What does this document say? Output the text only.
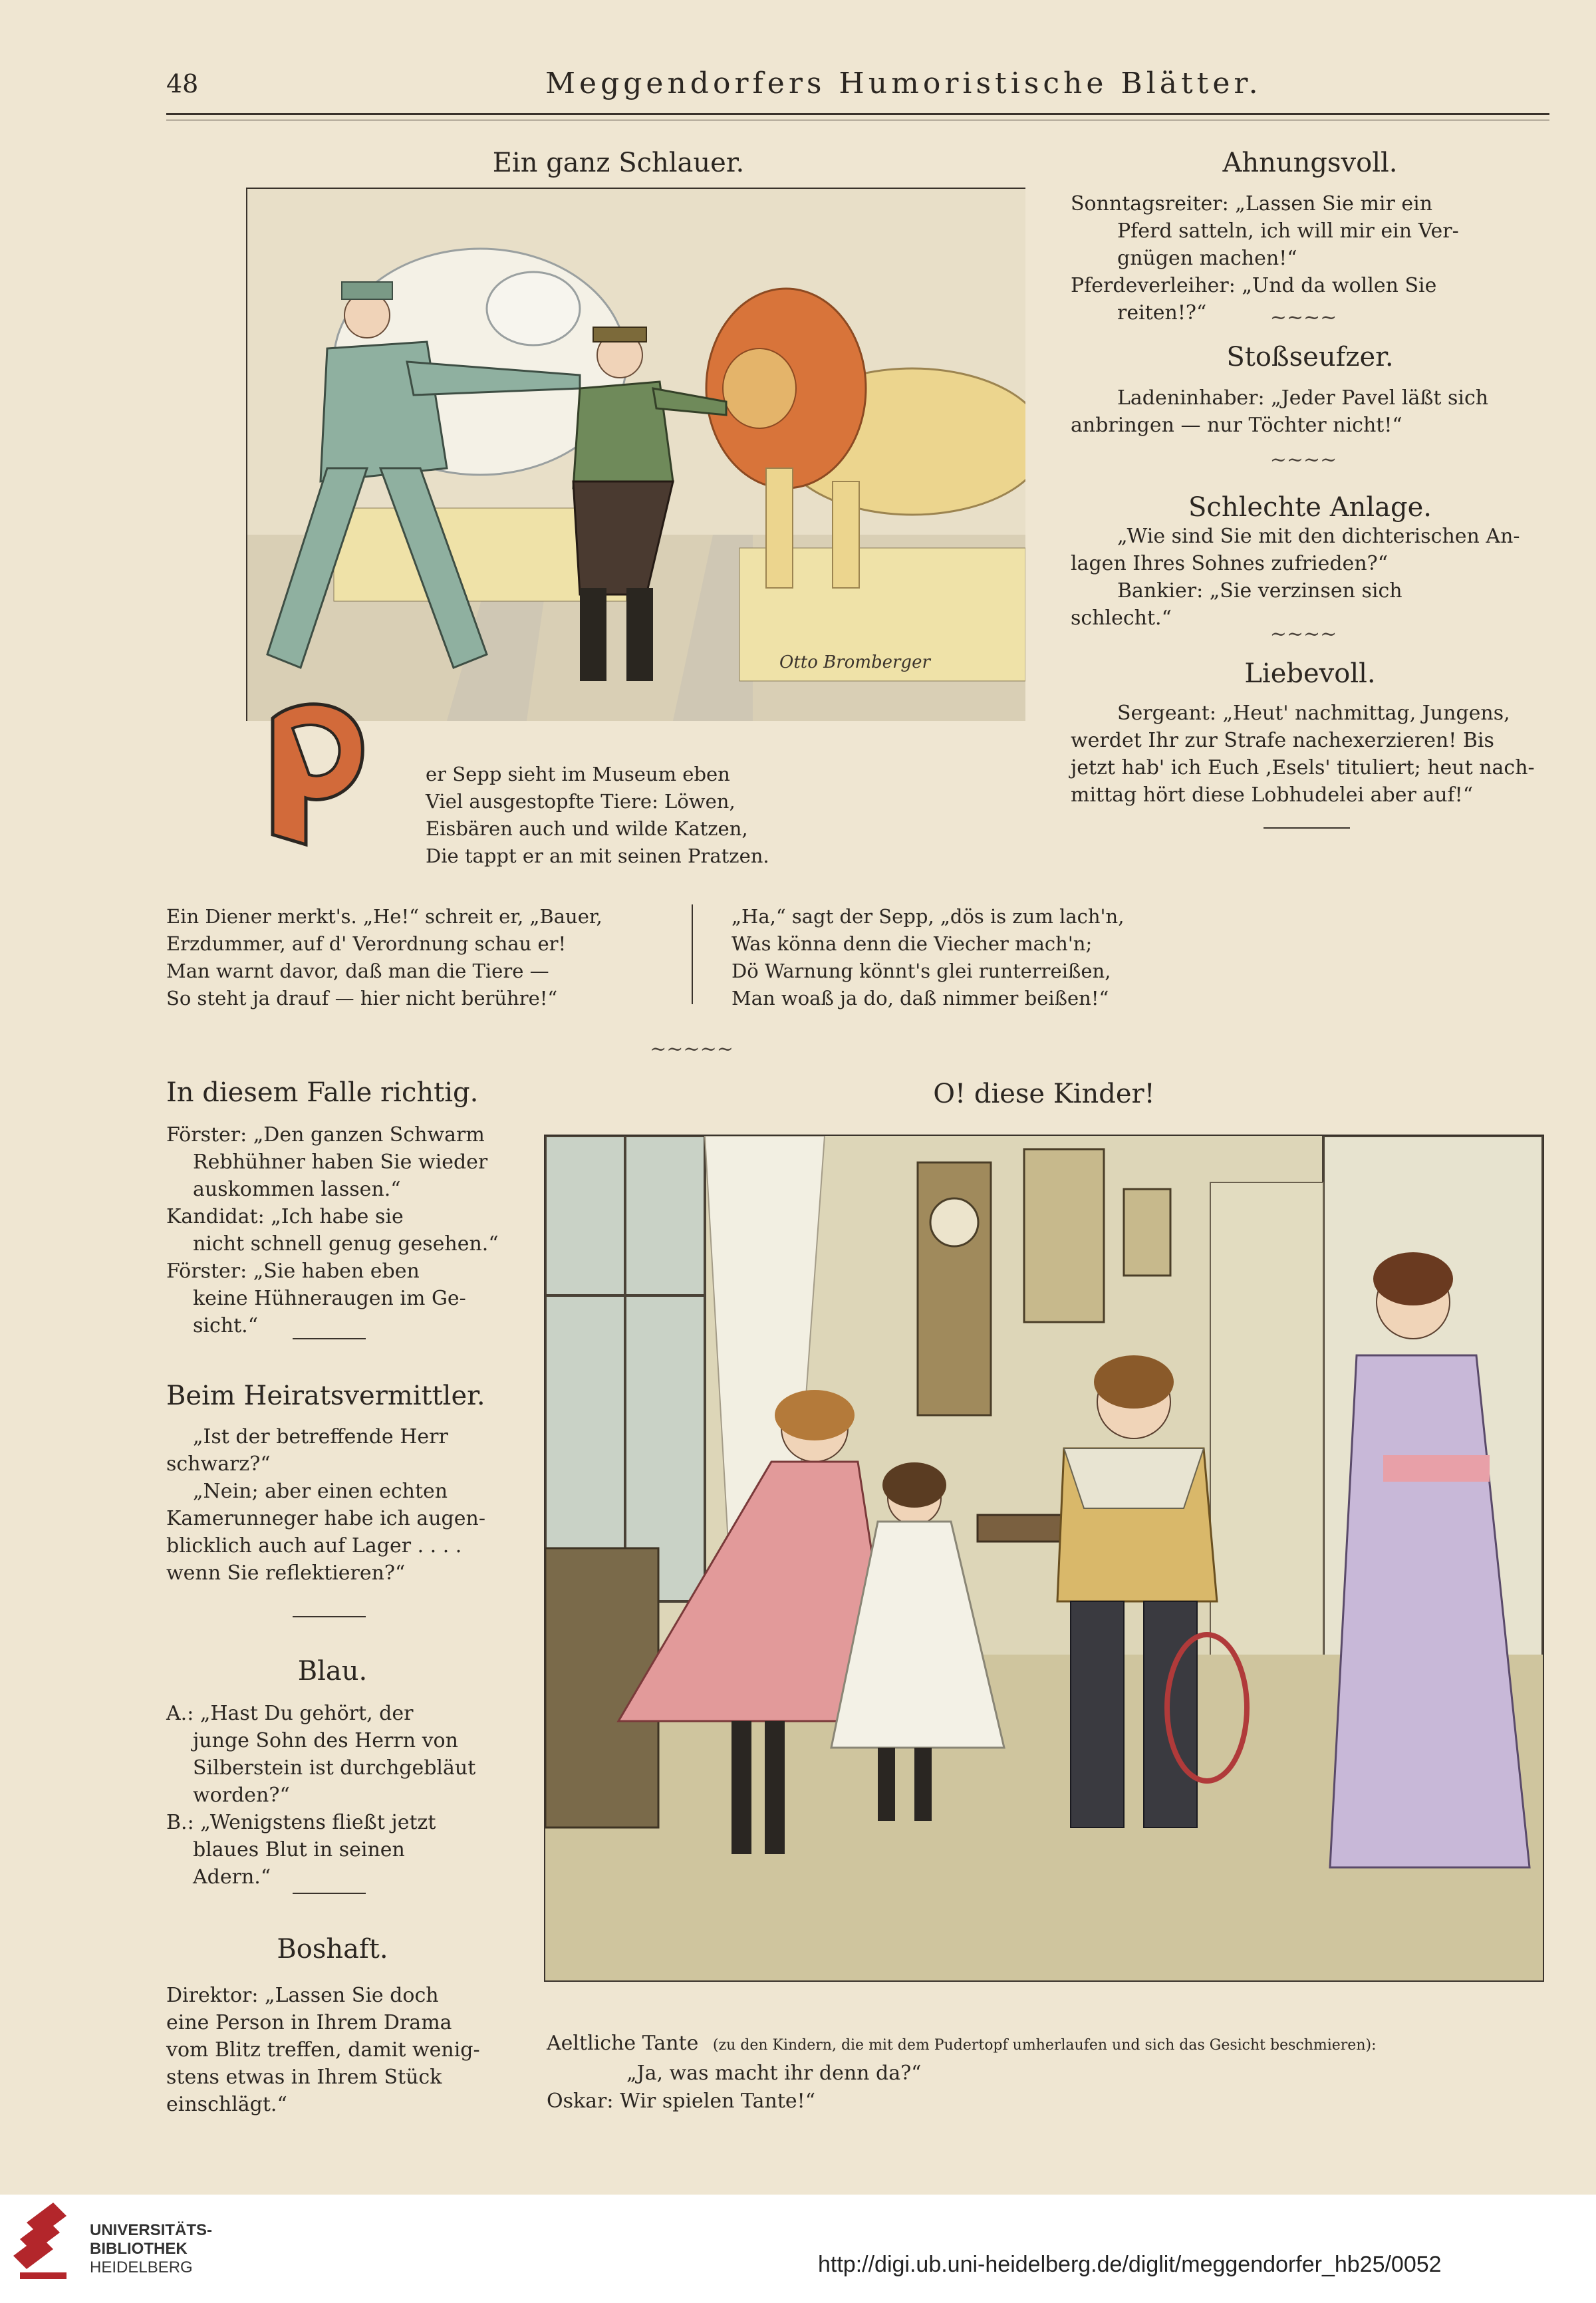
48	Meggendorfers Humoristische Blätter.
Ein ganz Schlauer.
Otto Bromberger
er Sepp sieht im Museum eben
Viel ausgestopfte Tiere: Löwen,
Eisbären auch und wilde Katzen,
Die tappt er an mit seinen Pratzen.
Ein Diener merkt's. „He!“ schreit er, „Bauer,
Erzdummer, auf d' Verordnung schau er!
Man warnt davor, daß man die Tiere —
So steht ja drauf — hier nicht berühre!“
„Ha,“ sagt der Sepp, „dös is zum lach'n,
Was könna denn die Viecher mach'n;
Dö Warnung könnt's glei runterreißen,
Man woaß ja do, daß nimmer beißen!“
~~~~~
Ahnungsvoll.
Sonntagsreiter: „Lassen Sie mir ein
Pferd satteln, ich will mir ein Ver-
gnügen machen!“
Pferdeverleiher: „Und da wollen Sie
reiten!?“	~~~~
Stoßseufzer.
Ladeninhaber: „Jeder Pavel läßt sich
anbringen — nur Töchter nicht!“
~~~~
Schlechte Anlage.
„Wie sind Sie mit den dichterischen An-
lagen Ihres Sohnes zufrieden?“
Bankier: „Sie verzinsen sich
schlecht.“
~~~~
Liebevoll.
Sergeant: „Heut' nachmittag, Jungens,
werdet Ihr zur Strafe nachexerzieren! Bis
jetzt hab' ich Euch ‚Esels' tituliert; heut nach-
mittag hört diese Lobhudelei aber auf!“
In diesem Falle richtig.
Förster: „Den ganzen Schwarm
Rebhühner haben Sie wieder
auskommen lassen.“
Kandidat: „Ich habe sie
nicht schnell genug gesehen.“
Förster: „Sie haben eben
keine Hühneraugen im Ge-
sicht.“
Beim Heiratsvermittler.
„Ist der betreffende Herr
schwarz?“
„Nein; aber einen echten
Kamerunneger habe ich augen-
blicklich auch auf Lager . . . .
wenn Sie reflektieren?“
Blau.
A.: „Hast Du gehört, der
junge Sohn des Herrn von
Silberstein ist durchgebläut
worden?“
B.: „Wenigstens fließt jetzt
blaues Blut in seinen
Adern.“
Boshaft.
Direktor: „Lassen Sie doch
eine Person in Ihrem Drama
vom Blitz treffen, damit wenig-
stens etwas in Ihrem Stück
einschlägt.“
O! diese Kinder!
Aeltliche Tante (zu den Kindern, die mit dem Pudertopf umherlaufen und sich das Gesicht beschmieren):
„Ja, was macht ihr denn da?“
Oskar: Wir spielen Tante!“
UNIVERSITÄTS-
BIBLIOTHEK
HEIDELBERG	http://digi.ub.uni-heidelberg.de/diglit/meggendorfer_hb25/0052
